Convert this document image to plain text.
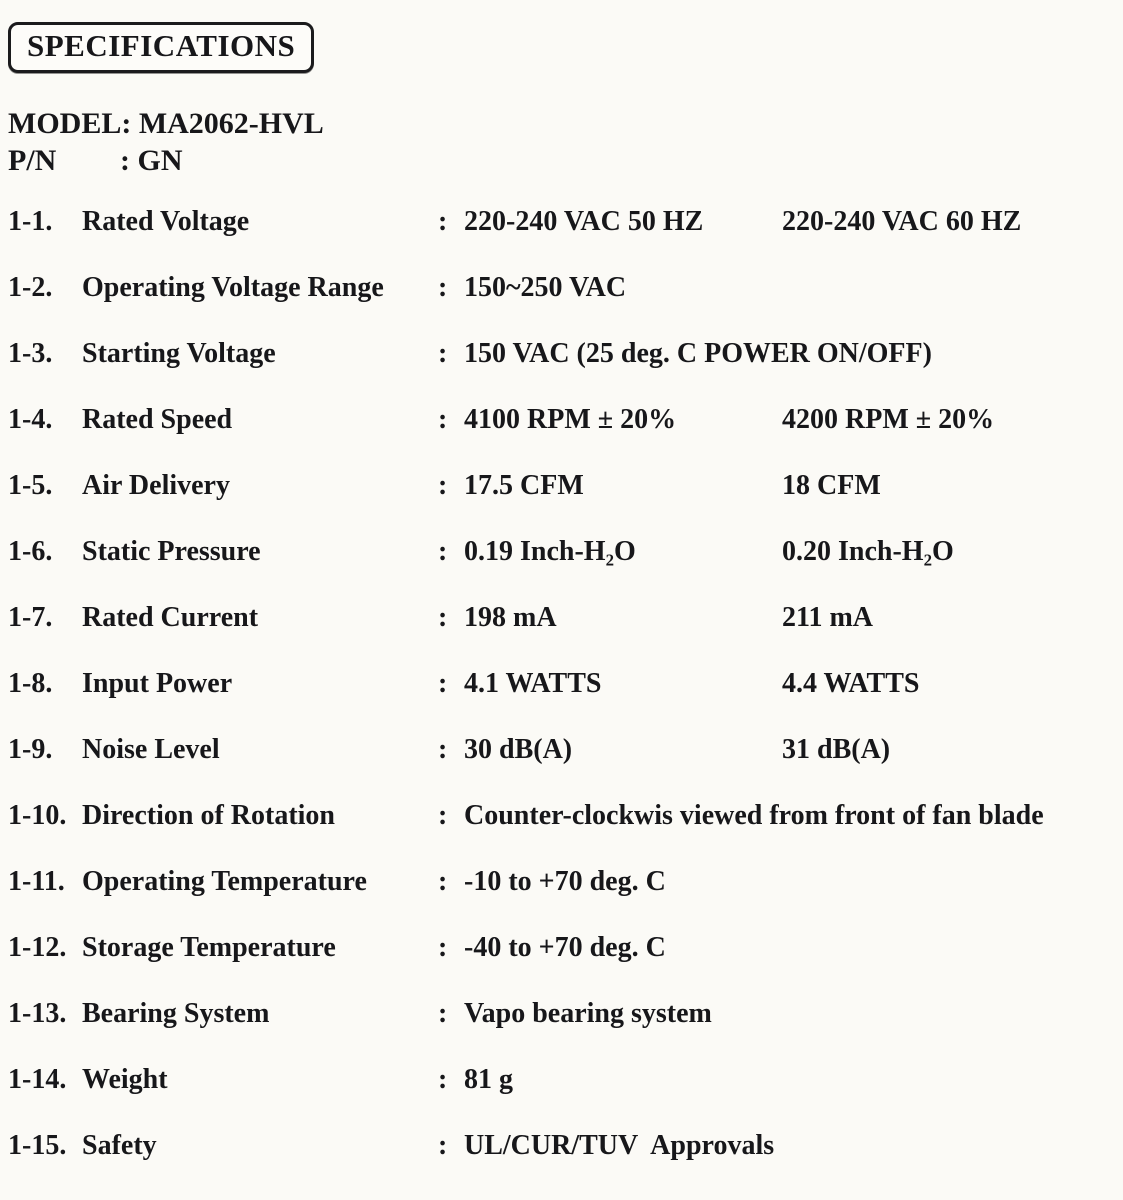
SPECIFICATIONS
MODEL: MA2062-HVL
P/N : GN
1-1.	Rated Voltage	: 220-240 VAC 50 HZ	220-240 VAC 60 HZ
1-2.	Operating Voltage Range : 150~250 VAC
1-3.	Starting Voltage	: 150 VAC (25 deg. C POWER ON/OFF)
1-4.	Rated Speed	: 4100 RPM ± 20%	4200 RPM ± 20%
1-5.	Air Delivery	: 17.5 CFM	18 CFM
1-6.	Static Pressure	: 0.19 Inch-H₂O	0.20 Inch-H₂O
1-7.	Rated Current	: 198 mA	211 mA
1-8.	Input Power	: 4.1 WATTS	4.4 WATTS
1-9.	Noise Level	: 30 dB(A)	31 dB(A)
1-10. Direction of Rotation	: Counter-clockwis viewed from front of fan blade
1-11. Operating Temperature	: -10 to +70 deg. C
1-12. Storage Temperature	: -40 to +70 deg. C
1-13. Bearing System	: Vapo bearing system
1-14. Weight	: 81 g
1-15. Safety	: UL/CUR/TUV  Approvals
